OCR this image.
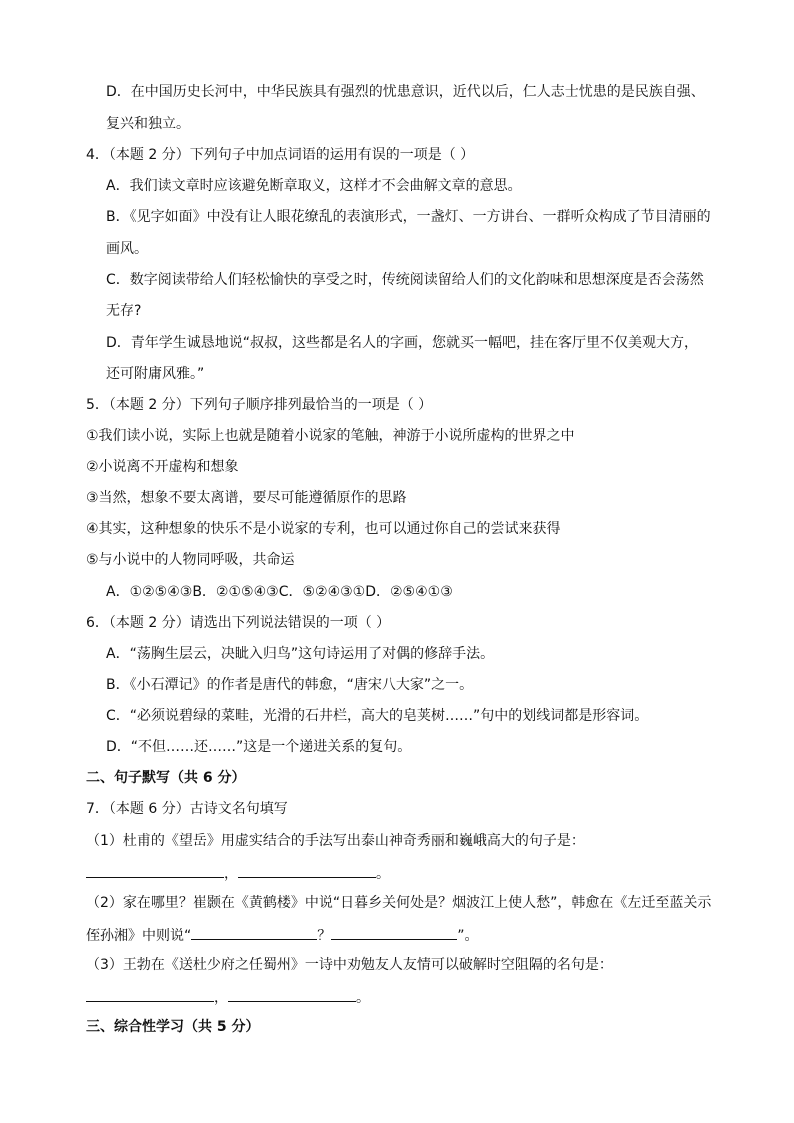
D．在中国历史长河中，中华民族具有强烈的忧患意识，近代以后，仁人志士忧患的是民族自强、
复兴和独立。
4．（本题 2 分）下列句子中加点词语的运用有误的一项是（ ）
A．我们读文章时应该避免断章取义，这样才不会曲解文章的意思。
B．《见字如面》中没有让人眼花缭乱的表演形式，一盏灯、一方讲台、一群听众构成了节目清丽的
画风。
C．数字阅读带给人们轻松愉快的享受之时，传统阅读留给人们的文化韵味和思想深度是否会荡然
无存?
D．青年学生诚恳地说“叔叔，这些都是名人的字画，您就买一幅吧，挂在客厅里不仅美观大方，
还可附庸风雅。”
5．（本题 2 分）下列句子顺序排列最恰当的一项是（ ）
①我们读小说，实际上也就是随着小说家的笔触，神游于小说所虚构的世界之中
②小说离不开虚构和想象
③当然，想象不要太离谱，要尽可能遵循原作的思路
④其实，这种想象的快乐不是小说家的专利，也可以通过你自己的尝试来获得
⑤与小说中的人物同呼吸，共命运
A．①②⑤④③B．②①⑤④③C．⑤②④③①D．②⑤④①③
6．（本题 2 分）请选出下列说法错误的一项（ ）
A．“荡胸生层云，决眦入归鸟”这句诗运用了对偶的修辞手法。
B．《小石潭记》的作者是唐代的韩愈，“唐宋八大家”之一。
C．“必须说碧绿的菜畦，光滑的石井栏，高大的皂荚树……”句中的划线词都是形容词。
D．“不但……还……”这是一个递进关系的复句。
二、句子默写（共 6 分）
7．（本题 6 分）古诗文名句填写
（1）杜甫的《望岳》用虚实结合的手法写出泰山神奇秀丽和巍峨高大的句子是：
，	。
（2）家在哪里？崔颢在《黄鹤楼》中说“日暮乡关何处是？烟波江上使人愁”，韩愈在《左迁至蓝关示
侄孙湘》中则说“	？	”。
（3）王勃在《送杜少府之任蜀州》一诗中劝勉友人友情可以破解时空阻隔的名句是：
，	。
三、综合性学习（共 5 分）
